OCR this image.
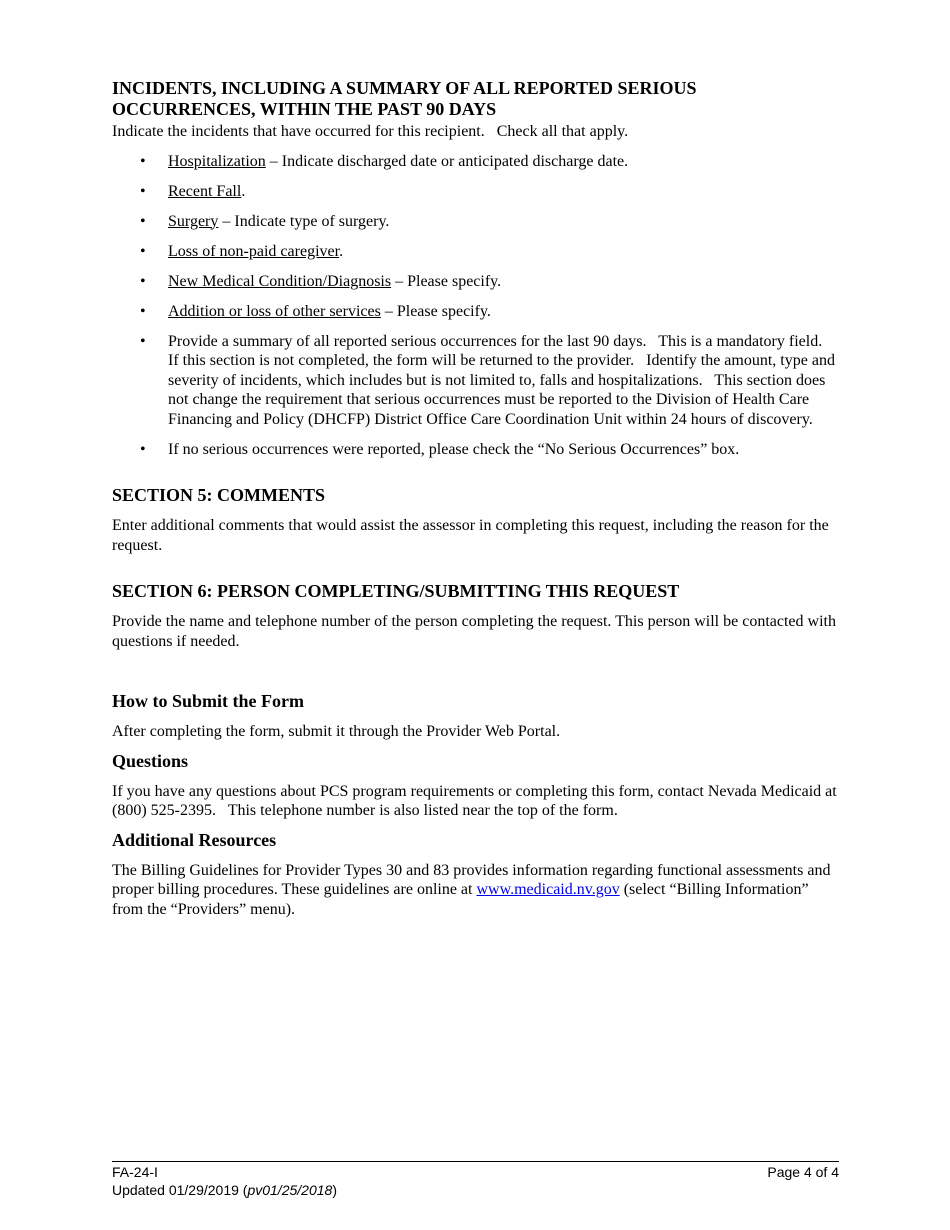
INCIDENTS, INCLUDING A SUMMARY OF ALL REPORTED SERIOUS
OCCURRENCES, WITHIN THE PAST 90 DAYS

Indicate the incidents that have occurred for this recipient.   Check all that apply.

• Hospitalization – Indicate discharged date or anticipated discharge date.
• Recent Fall.
• Surgery – Indicate type of surgery.
• Loss of non-paid caregiver.
• New Medical Condition/Diagnosis – Please specify.
• Addition or loss of other services – Please specify.
• Provide a summary of all reported serious occurrences for the last 90 days.   This is a mandatory field.   If this section is not completed, the form will be returned to the provider.   Identify the amount, type and severity of incidents, which includes but is not limited to, falls and hospitalizations.   This section does not change the requirement that serious occurrences must be reported to the Division of Health Care Financing and Policy (DHCFP) District Office Care Coordination Unit within 24 hours of discovery.
• If no serious occurrences were reported, please check the “No Serious Occurrences” box.
SECTION 5: COMMENTS

Enter additional comments that would assist the assessor in completing this request, including the reason for the request.

SECTION 6: PERSON COMPLETING/SUBMITTING THIS REQUEST

Provide the name and telephone number of the person completing the request. This person will be contacted with questions if needed.

How to Submit the Form

After completing the form, submit it through the Provider Web Portal.

Questions

If you have any questions about PCS program requirements or completing this form, contact Nevada Medicaid at (800) 525-2395.   This telephone number is also listed near the top of the form.

Additional Resources

The Billing Guidelines for Provider Types 30 and 83 provides information regarding functional assessments and proper billing procedures. These guidelines are online at www.medicaid.nv.gov (select “Billing Information” from the “Providers” menu).

FA-24-I	Page 4 of 4
Updated 01/29/2019 (pv01/25/2018)
